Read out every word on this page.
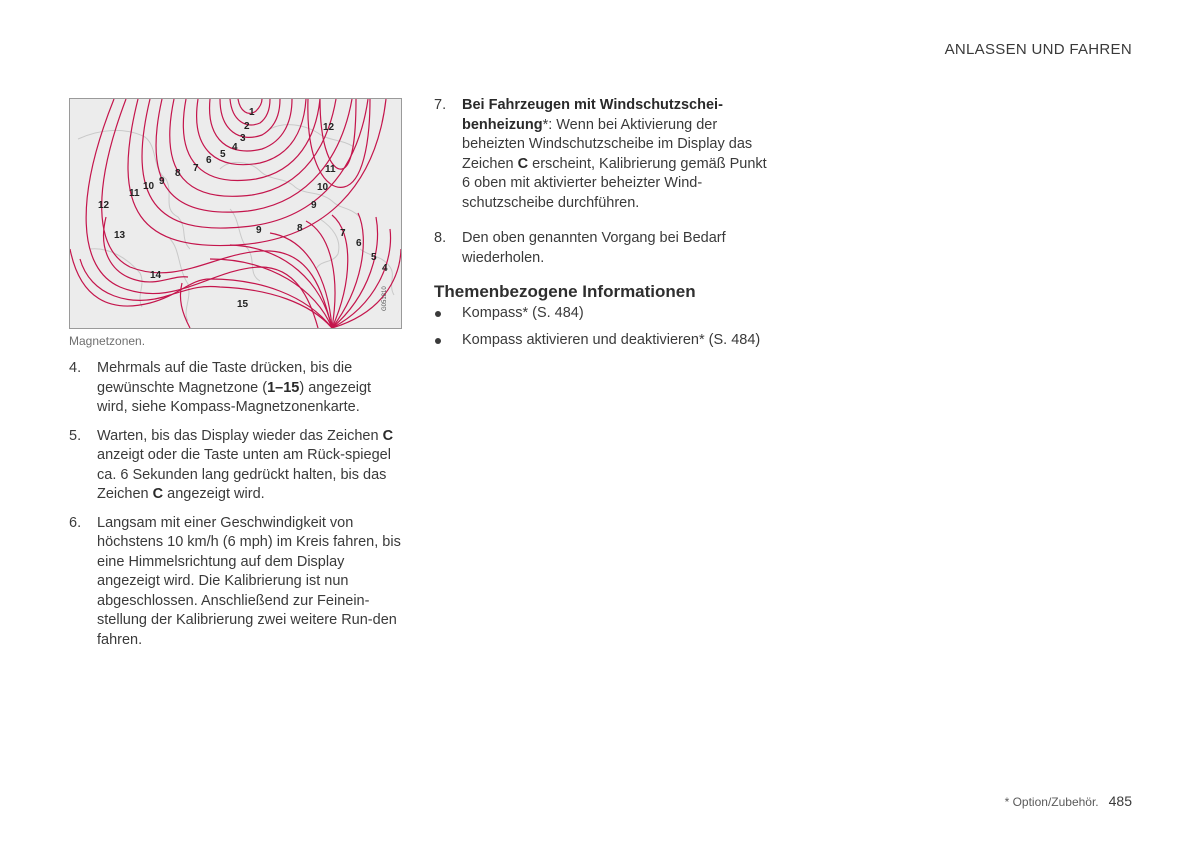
ANLASSEN UND FAHREN
G051810
1
2
3
4
5
6
7
8
9
10
11
12
12
11
10
9
13
14
15
9	8	7
6
5
4
Magnetzonen.
4. Mehrmals auf die Taste drücken, bis die gewünschte Magnetzone (1–15) angezeigt wird, siehe Kompass-Magnetzonenkarte.
5. Warten, bis das Display wieder das Zeichen C anzeigt oder die Taste unten am Rück-spiegel ca. 6 Sekunden lang gedrückt halten, bis das Zeichen C angezeigt wird.
6. Langsam mit einer Geschwindigkeit von höchstens 10 km/h (6 mph) im Kreis fahren, bis eine Himmelsrichtung auf dem Display angezeigt wird. Die Kalibrierung ist nun abgeschlossen. Anschließend zur Feinein-stellung der Kalibrierung zwei weitere Run-den fahren.
7. Bei Fahrzeugen mit Windschutzschei-benheizung*: Wenn bei Aktivierung der beheizten Windschutzscheibe im Display das Zeichen C erscheint, Kalibrierung gemäß Punkt 6 oben mit aktivierter beheizter Wind-schutzscheibe durchführen.
8. Den oben genannten Vorgang bei Bedarf wiederholen.
Themenbezogene Informationen
Kompass* (S. 484)
Kompass aktivieren und deaktivieren* (S. 484)
* Option/Zubehör. 485
